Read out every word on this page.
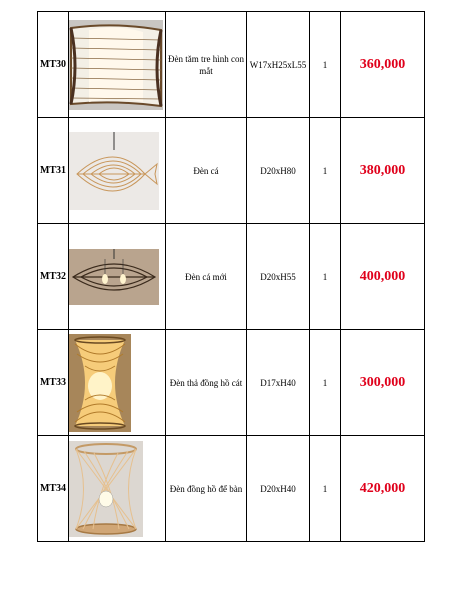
MT30		Đèn tăm tre hình con mắt	W17xH25xL55	1	360,000
MT31		Đèn cá	D20xH80	1	380,000
MT32		Đèn cá mới	D20xH55	1	400,000
MT33		Đèn thả đồng hồ cát	D17xH40	1	300,000
MT34		Đèn đồng hồ để bàn	D20xH40	1	420,000
